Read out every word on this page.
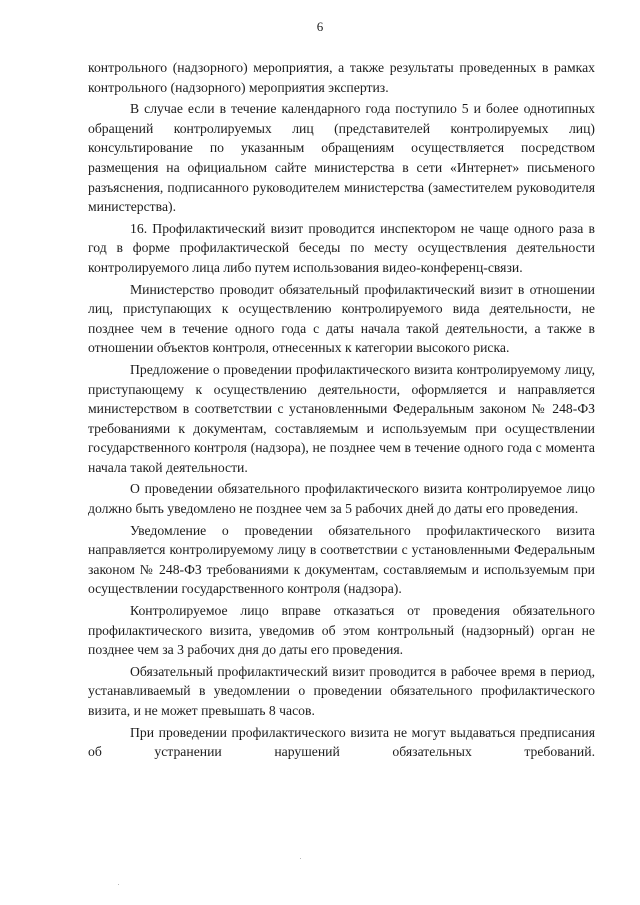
6

контрольного (надзорного) мероприятия, а также результаты проведенных в рамках контрольного (надзорного) мероприятия экспертиз.

В случае если в течение календарного года поступило 5 и более однотипных обращений контролируемых лиц (представителей контролируемых лиц) консультирование по указанным обращениям осуществляется посредством размещения на официальном сайте министерства в сети «Интернет» письменого разъяснения, подписанного руководителем министерства (заместителем руководителя министерства).

16. Профилактический визит проводится инспектором не чаще одного раза в год в форме профилактической беседы по месту осуществления деятельности контролируемого лица либо путем использования видео-конференц-связи.

Министерство проводит обязательный профилактический визит в отношении лиц, приступающих к осуществлению контролируемого вида деятельности, не позднее чем в течение одного года с даты начала такой деятельности, а также в отношении объектов контроля, отнесенных к категории высокого риска.

Предложение о проведении профилактического визита контролируемому лицу, приступающему к осуществлению деятельности, оформляется и направляется министерством в соответствии с установленными Федеральным законом № 248-ФЗ требованиями к документам, составляемым и используемым при осуществлении государственного контроля (надзора), не позднее чем в течение одного года с момента начала такой деятельности.

О проведении обязательного профилактического визита контролируемое лицо должно быть уведомлено не позднее чем за 5 рабочих дней до даты его проведения.

Уведомление о проведении обязательного профилактического визита направляется контролируемому лицу в соответствии с установленными Федеральным законом № 248-ФЗ требованиями к документам, составляемым и используемым при осуществлении государственного контроля (надзора).

Контролируемое лицо вправе отказаться от проведения обязательного профилактического визита, уведомив об этом контрольный (надзорный) орган не позднее чем за 3 рабочих дня до даты его проведения.

Обязательный профилактический визит проводится в рабочее время в период, устанавливаемый в уведомлении о проведении обязательного профилактического визита, и не может превышать 8 часов.

При проведении профилактического визита не могут выдаваться предписания об устранении нарушений обязательных требований.
